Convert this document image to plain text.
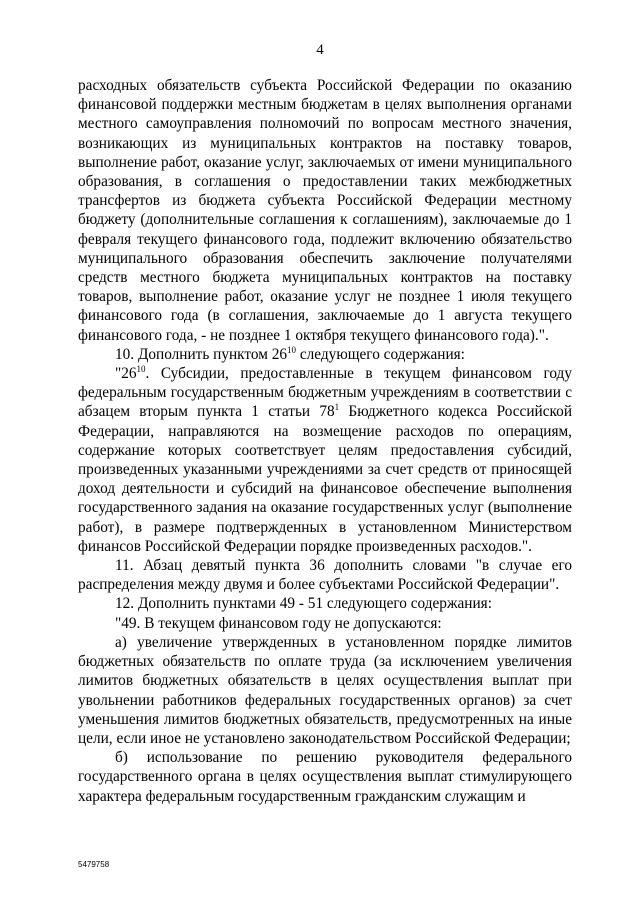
4

расходных обязательств субъекта Российской Федерации по оказанию финансовой поддержки местным бюджетам в целях выполнения органами местного самоуправления полномочий по вопросам местного значения, возникающих из муниципальных контрактов на поставку товаров, выполнение работ, оказание услуг, заключаемых от имени муниципального образования, в соглашения о предоставлении таких межбюджетных трансфертов из бюджета субъекта Российской Федерации местному бюджету (дополнительные соглашения к соглашениям), заключаемые до 1 февраля текущего финансового года, подлежит включению обязательство муниципального образования обеспечить заключение получателями средств местного бюджета муниципальных контрактов на поставку товаров, выполнение работ, оказание услуг не позднее 1 июля текущего финансового года (в соглашения, заключаемые до 1 августа текущего финансового года, - не позднее 1 октября текущего финансового года).".

10. Дополнить пунктом $26^{10}$ следующего содержания:

"$26^{10}$. Субсидии, предоставленные в текущем финансовом году федеральным государственным бюджетным учреждениям в соответствии с абзацем вторым пункта 1 статьи $78^1$ Бюджетного кодекса Российской Федерации, направляются на возмещение расходов по операциям, содержание которых соответствует целям предоставления субсидий, произведенных указанными учреждениями за счет средств от приносящей доход деятельности и субсидий на финансовое обеспечение выполнения государственного задания на оказание государственных услуг (выполнение работ), в размере подтвержденных в установленном Министерством финансов Российской Федерации порядке произведенных расходов.".

11. Абзац девятый пункта 36 дополнить словами "в случае его распределения между двумя и более субъектами Российской Федерации".

12. Дополнить пунктами 49 - 51 следующего содержания:

"49. В текущем финансовом году не допускаются:

а) увеличение утвержденных в установленном порядке лимитов бюджетных обязательств по оплате труда (за исключением увеличения лимитов бюджетных обязательств в целях осуществления выплат при увольнении работников федеральных государственных органов) за счет уменьшения лимитов бюджетных обязательств, предусмотренных на иные цели, если иное не установлено законодательством Российской Федерации;

б) использование по решению руководителя федерального государственного органа в целях осуществления выплат стимулирующего характера федеральным государственным гражданским служащим и

5479758
